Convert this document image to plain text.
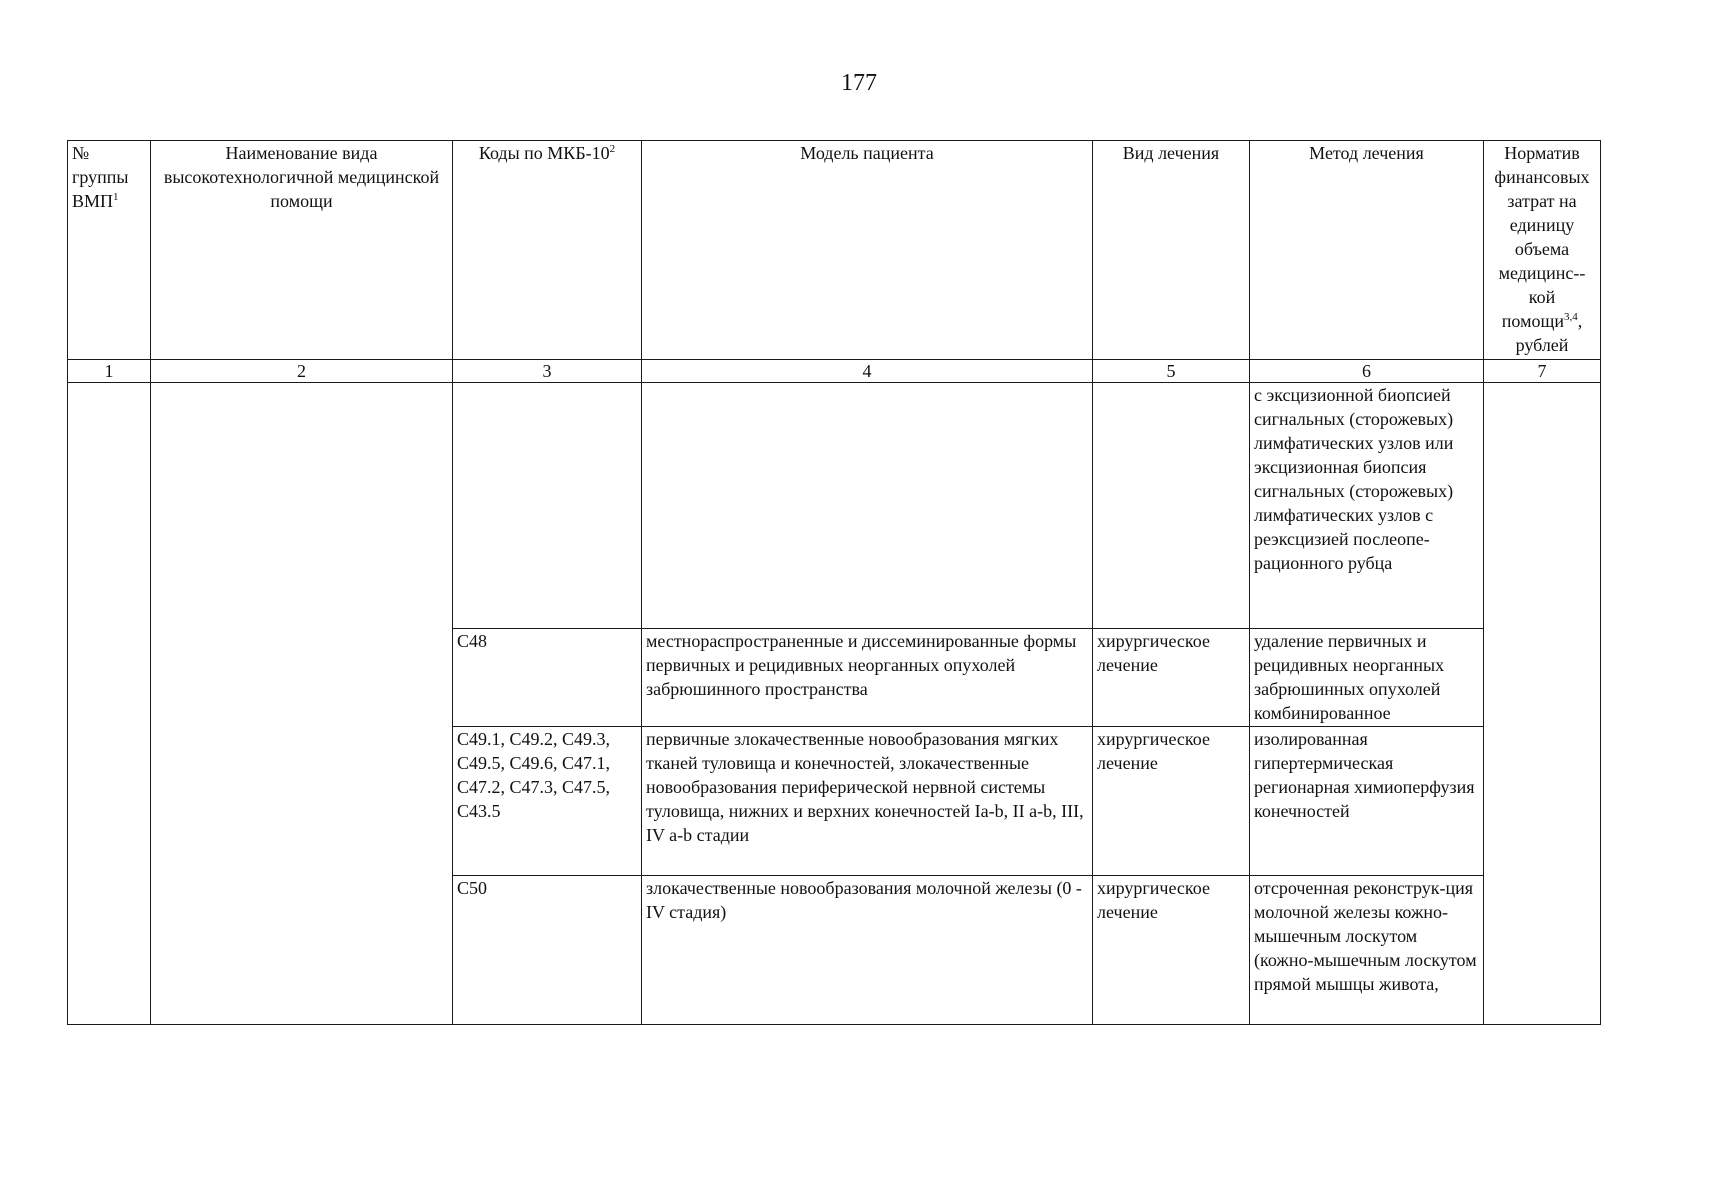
177
№ группы ВМП$^1$	Наименование вида высокотехнологичной медицинской помощи	Коды по МКБ-$10^2$	Модель пациента	Вид лечения	Метод лечения	Норматив финансовых затрат на единицу объема медицинс--кой помощи$^{3,4}$, рублей
1	2	3	4	5	6	7
					с эксцизионной биопсией сигнальных (сторожевых) лимфатических узлов или эксцизионная биопсия сигнальных (сторожевых) лимфатических узлов с реэксцизией послеопе-рационного рубца	
		C48	местнораспространенные и диссеминированные формы первичных и рецидивных неорганных опухолей забрюшинного пространства	хирургическое лечение	удаление первичных и рецидивных неорганных забрюшинных опухолей комбинированное	
		C49.1, C49.2, C49.3, C49.5, C49.6, C47.1, C47.2, C47.3, C47.5, C43.5	первичные злокачественные новообразования мягких тканей туловища и конечностей, злокачественные новообразования периферической нервной системы туловища, нижних и верхних конечностей Ia-b, II a-b, III, IV a-b стадии	хирургическое лечение	изолированная гипертермическая регионарная химиоперфузия конечностей	
		C50	злокачественные новообразования молочной железы (0 - IV стадия)	хирургическое лечение	отсроченная реконструк-ция молочной железы кожно-мышечным лоскутом (кожно-мышечным лоскутом прямой мышцы живота,	
